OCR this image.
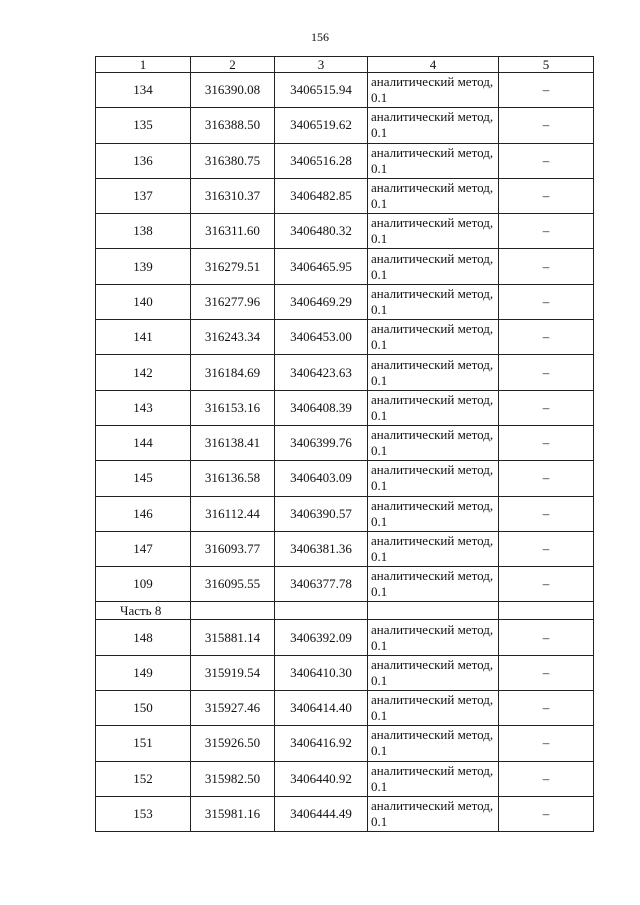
156
1	2	3	4	5
134	316390.08	3406515.94	аналитический метод, 0.1	–
135	316388.50	3406519.62	аналитический метод, 0.1	–
136	316380.75	3406516.28	аналитический метод, 0.1	–
137	316310.37	3406482.85	аналитический метод, 0.1	–
138	316311.60	3406480.32	аналитический метод, 0.1	–
139	316279.51	3406465.95	аналитический метод, 0.1	–
140	316277.96	3406469.29	аналитический метод, 0.1	–
141	316243.34	3406453.00	аналитический метод, 0.1	–
142	316184.69	3406423.63	аналитический метод, 0.1	–
143	316153.16	3406408.39	аналитический метод, 0.1	–
144	316138.41	3406399.76	аналитический метод, 0.1	–
145	316136.58	3406403.09	аналитический метод, 0.1	–
146	316112.44	3406390.57	аналитический метод, 0.1	–
147	316093.77	3406381.36	аналитический метод, 0.1	–
109	316095.55	3406377.78	аналитический метод, 0.1	–
Часть 8				
148	315881.14	3406392.09	аналитический метод, 0.1	–
149	315919.54	3406410.30	аналитический метод, 0.1	–
150	315927.46	3406414.40	аналитический метод, 0.1	–
151	315926.50	3406416.92	аналитический метод, 0.1	–
152	315982.50	3406440.92	аналитический метод, 0.1	–
153	315981.16	3406444.49	аналитический метод, 0.1	–
